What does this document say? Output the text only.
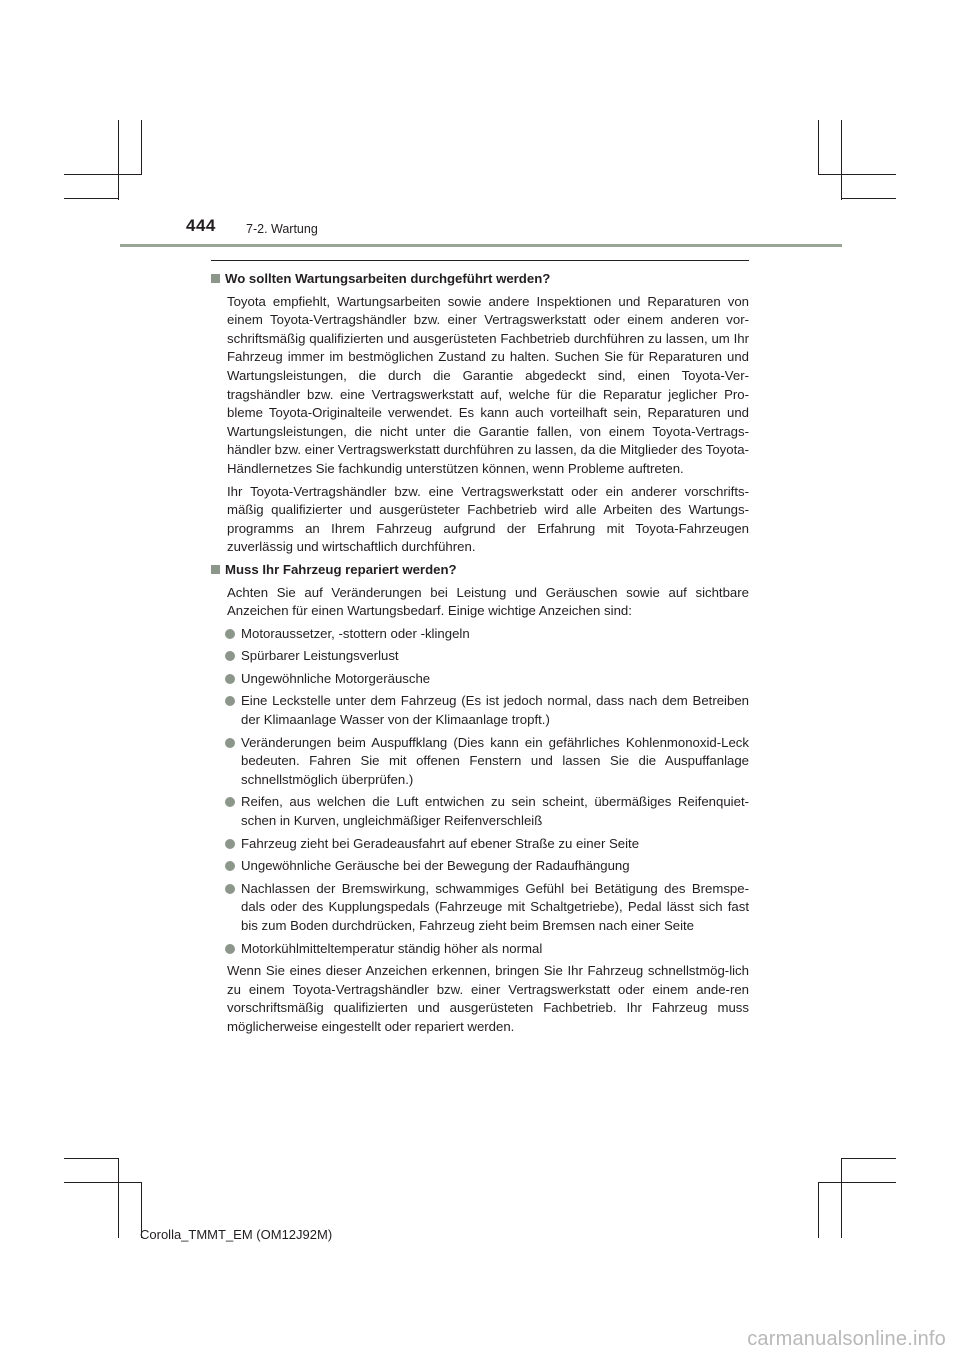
444 7-2. Wartung
Wo sollten Wartungsarbeiten durchgeführt werden?

Toyota empfiehlt, Wartungsarbeiten sowie andere Inspektionen und Reparaturen von einem Toyota-Vertragshändler bzw. einer Vertragswerkstatt oder einem anderen vor-schriftsmäßig qualifizierten und ausgerüsteten Fachbetrieb durchführen zu lassen, um Ihr Fahrzeug immer im bestmöglichen Zustand zu halten. Suchen Sie für Reparaturen und Wartungsleistungen, die durch die Garantie abgedeckt sind, einen Toyota-Ver-tragshändler bzw. eine Vertragswerkstatt auf, welche für die Reparatur jeglicher Pro-bleme Toyota-Originalteile verwendet. Es kann auch vorteilhaft sein, Reparaturen und Wartungsleistungen, die nicht unter die Garantie fallen, von einem Toyota-Vertrags-händler bzw. einer Vertragswerkstatt durchführen zu lassen, da die Mitglieder des Toyota-Händlernetzes Sie fachkundig unterstützen können, wenn Probleme auftreten.

Ihr Toyota-Vertragshändler bzw. eine Vertragswerkstatt oder ein anderer vorschrifts-mäßig qualifizierter und ausgerüsteter Fachbetrieb wird alle Arbeiten des Wartungs-programms an Ihrem Fahrzeug aufgrund der Erfahrung mit Toyota-Fahrzeugen zuverlässig und wirtschaftlich durchführen.

Muss Ihr Fahrzeug repariert werden?

Achten Sie auf Veränderungen bei Leistung und Geräuschen sowie auf sichtbare Anzeichen für einen Wartungsbedarf. Einige wichtige Anzeichen sind:

Motoraussetzer, -stottern oder -klingeln
Spürbarer Leistungsverlust
Ungewöhnliche Motorgeräusche
Eine Leckstelle unter dem Fahrzeug (Es ist jedoch normal, dass nach dem Betreiben der Klimaanlage Wasser von der Klimaanlage tropft.)
Veränderungen beim Auspuffklang (Dies kann ein gefährliches Kohlenmonoxid-Leck bedeuten. Fahren Sie mit offenen Fenstern und lassen Sie die Auspuffanlage schnellstmöglich überprüfen.)
Reifen, aus welchen die Luft entwichen zu sein scheint, übermäßiges Reifenquiet-schen in Kurven, ungleichmäßiger Reifenverschleiß
Fahrzeug zieht bei Geradeausfahrt auf ebener Straße zu einer Seite
Ungewöhnliche Geräusche bei der Bewegung der Radaufhängung
Nachlassen der Bremswirkung, schwammiges Gefühl bei Betätigung des Bremspe-dals oder des Kupplungspedals (Fahrzeuge mit Schaltgetriebe), Pedal lässt sich fast bis zum Boden durchdrücken, Fahrzeug zieht beim Bremsen nach einer Seite
Motorkühlmitteltemperatur ständig höher als normal

Wenn Sie eines dieser Anzeichen erkennen, bringen Sie Ihr Fahrzeug schnellstmög-lich zu einem Toyota-Vertragshändler bzw. einer Vertragswerkstatt oder einem ande-ren vorschriftsmäßig qualifizierten und ausgerüsteten Fachbetrieb. Ihr Fahrzeug muss möglicherweise eingestellt oder repariert werden.

Corolla_TMMT_EM (OM12J92M)
carmanualsonline.info
